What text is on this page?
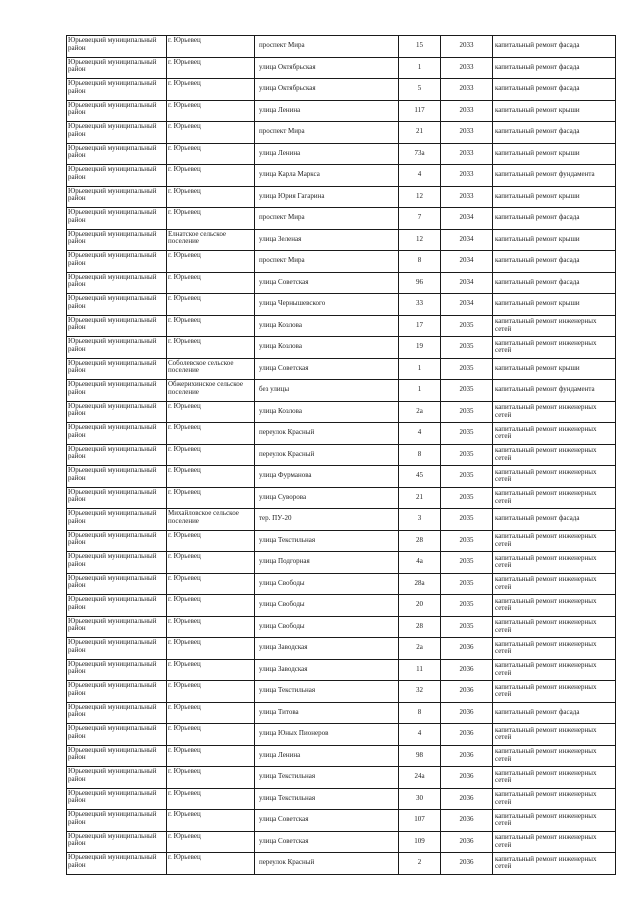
Юрьевецкий муниципальный район	г. Юрьевец	проспект Мира	15	2033	капитальный ремонт фасада
Юрьевецкий муниципальный район	г. Юрьевец	улица Октябрьская	1	2033	капитальный ремонт фасада
Юрьевецкий муниципальный район	г. Юрьевец	улица Октябрьская	5	2033	капитальный ремонт фасада
Юрьевецкий муниципальный район	г. Юрьевец	улица Ленина	117	2033	капитальный ремонт крыши
Юрьевецкий муниципальный район	г. Юрьевец	проспект Мира	21	2033	капитальный ремонт фасада
Юрьевецкий муниципальный район	г. Юрьевец	улица Ленина	73а	2033	капитальный ремонт крыши
Юрьевецкий муниципальный район	г. Юрьевец	улица Карла Маркса	4	2033	капитальный ремонт фундамента
Юрьевецкий муниципальный район	г. Юрьевец	улица Юрия Гагарина	12	2033	капитальный ремонт крыши
Юрьевецкий муниципальный район	г. Юрьевец	проспект Мира	7	2034	капитальный ремонт фасада
Юрьевецкий муниципальный район	Елнатское сельское поселение	улица Зеленая	12	2034	капитальный ремонт крыши
Юрьевецкий муниципальный район	г. Юрьевец	проспект Мира	8	2034	капитальный ремонт фасада
Юрьевецкий муниципальный район	г. Юрьевец	улица Советская	96	2034	капитальный ремонт фасада
Юрьевецкий муниципальный район	г. Юрьевец	улица Чернышевского	33	2034	капитальный ремонт крыши
Юрьевецкий муниципальный район	г. Юрьевец	улица Козлова	17	2035	капитальный ремонт инженерных сетей
Юрьевецкий муниципальный район	г. Юрьевец	улица Козлова	19	2035	капитальный ремонт инженерных сетей
Юрьевецкий муниципальный район	Соболевское сельское поселение	улица Советская	1	2035	капитальный ремонт крыши
Юрьевецкий муниципальный район	Обжерихинское сельское поселение	без улицы	1	2035	капитальный ремонт фундамента
Юрьевецкий муниципальный район	г. Юрьевец	улица Козлова	2а	2035	капитальный ремонт инженерных сетей
Юрьевецкий муниципальный район	г. Юрьевец	переулок Красный	4	2035	капитальный ремонт инженерных сетей
Юрьевецкий муниципальный район	г. Юрьевец	переулок Красный	8	2035	капитальный ремонт инженерных сетей
Юрьевецкий муниципальный район	г. Юрьевец	улица Фурманова	45	2035	капитальный ремонт инженерных сетей
Юрьевецкий муниципальный район	г. Юрьевец	улица Суворова	21	2035	капитальный ремонт инженерных сетей
Юрьевецкий муниципальный район	Михайловское сельское поселение	тер. ПУ-20	3	2035	капитальный ремонт фасада
Юрьевецкий муниципальный район	г. Юрьевец	улица Текстильная	28	2035	капитальный ремонт инженерных сетей
Юрьевецкий муниципальный район	г. Юрьевец	улица Подгорная	4а	2035	капитальный ремонт инженерных сетей
Юрьевецкий муниципальный район	г. Юрьевец	улица Свободы	28а	2035	капитальный ремонт инженерных сетей
Юрьевецкий муниципальный район	г. Юрьевец	улица Свободы	20	2035	капитальный ремонт инженерных сетей
Юрьевецкий муниципальный район	г. Юрьевец	улица Свободы	28	2035	капитальный ремонт инженерных сетей
Юрьевецкий муниципальный район	г. Юрьевец	улица Заводская	2а	2036	капитальный ремонт инженерных сетей
Юрьевецкий муниципальный район	г. Юрьевец	улица Заводская	11	2036	капитальный ремонт инженерных сетей
Юрьевецкий муниципальный район	г. Юрьевец	улица Текстильная	32	2036	капитальный ремонт инженерных сетей
Юрьевецкий муниципальный район	г. Юрьевец	улица Титова	8	2036	капитальный ремонт фасада
Юрьевецкий муниципальный район	г. Юрьевец	улица Юных Пионеров	4	2036	капитальный ремонт инженерных сетей
Юрьевецкий муниципальный район	г. Юрьевец	улица Ленина	98	2036	капитальный ремонт инженерных сетей
Юрьевецкий муниципальный район	г. Юрьевец	улица Текстильная	24а	2036	капитальный ремонт инженерных сетей
Юрьевецкий муниципальный район	г. Юрьевец	улица Текстильная	30	2036	капитальный ремонт инженерных сетей
Юрьевецкий муниципальный район	г. Юрьевец	улица Советская	107	2036	капитальный ремонт инженерных сетей
Юрьевецкий муниципальный район	г. Юрьевец	улица Советская	109	2036	капитальный ремонт инженерных сетей
Юрьевецкий муниципальный район	г. Юрьевец	переулок Красный	2	2036	капитальный ремонт инженерных сетей
